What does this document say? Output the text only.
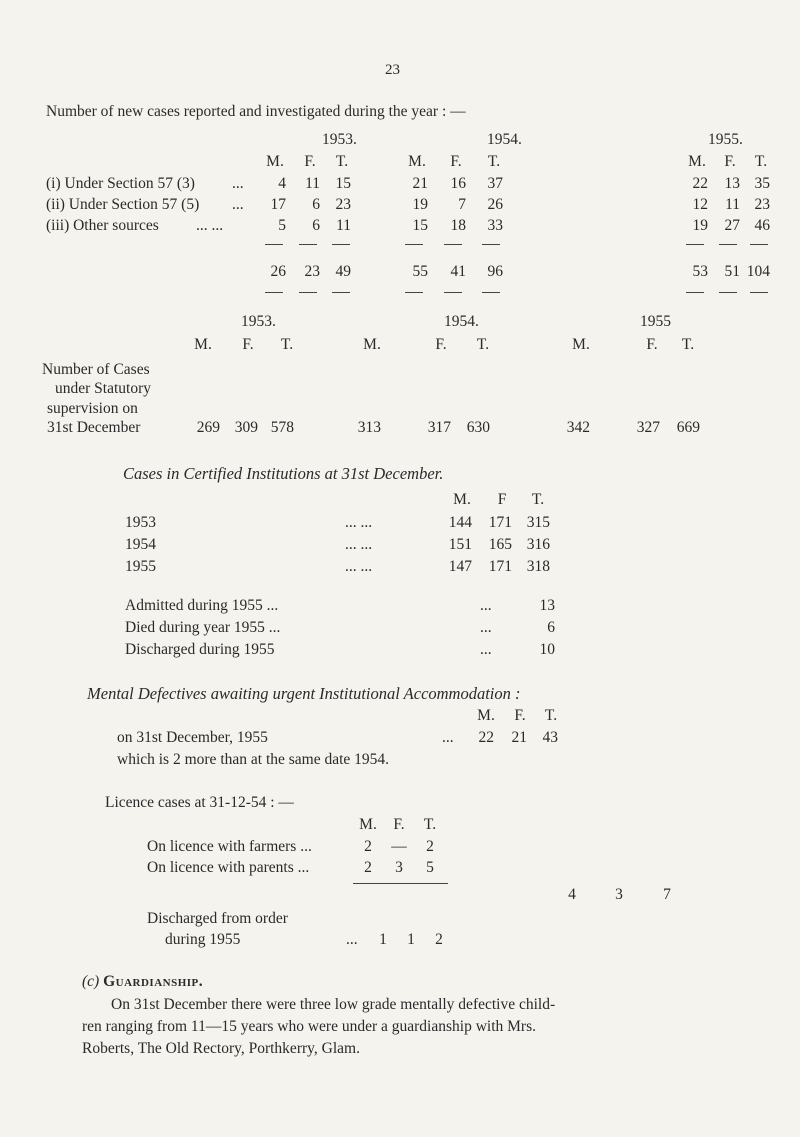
23
Number of new cases reported and investigated during the year : —
1953.	1954.	1955.
M.	F.	T.	M.	F.	T.	M.	F.	T.
(i) Under Section 57 (3) ...	4	11	15	21	16	37	22	13 35
(ii) Under Section 57 (5) ...	17	6	23	19	7	26	12	11 23
(iii) Other sources ... ...	5	6	11	15	18	33	19	27 46
26	23	49	55	41	96	53	51 104
1953.	1954.	1955
M.	F.	T.	M.	F.	T.	M.	F.	T.
Number of Cases
under Statutory
supervision on
31st December	269 309 578	313	317	630	342	327	669
Cases in Certified Institutions at 31st December.
M.	F	T.
1953	... ...	144	171 315
1954	... ...	151	165 316
1955	... ...	147	171 318
Admitted during 1955 ...	...	13
Died during year 1955 ...	...	6
Discharged during 1955	...	10
Mental Defectives awaiting urgent Institutional Accommodation :
M.	F.	T.
on 31st December, 1955	...	22	21	43
which is 2 more than at the same date 1954.
Licence cases at 31-12-54 : —
M.	F.	T.
On licence with farmers ...	2	—	2
On licence with parents ...	2	3	5
4	3	7
Discharged from order
during 1955	...	1	1	2
(c) Guardianship.
On 31st December there were three low grade mentally defective child-
ren ranging from 11—15 years who were under a guardianship with Mrs.
Roberts, The Old Rectory, Porthkerry, Glam.
